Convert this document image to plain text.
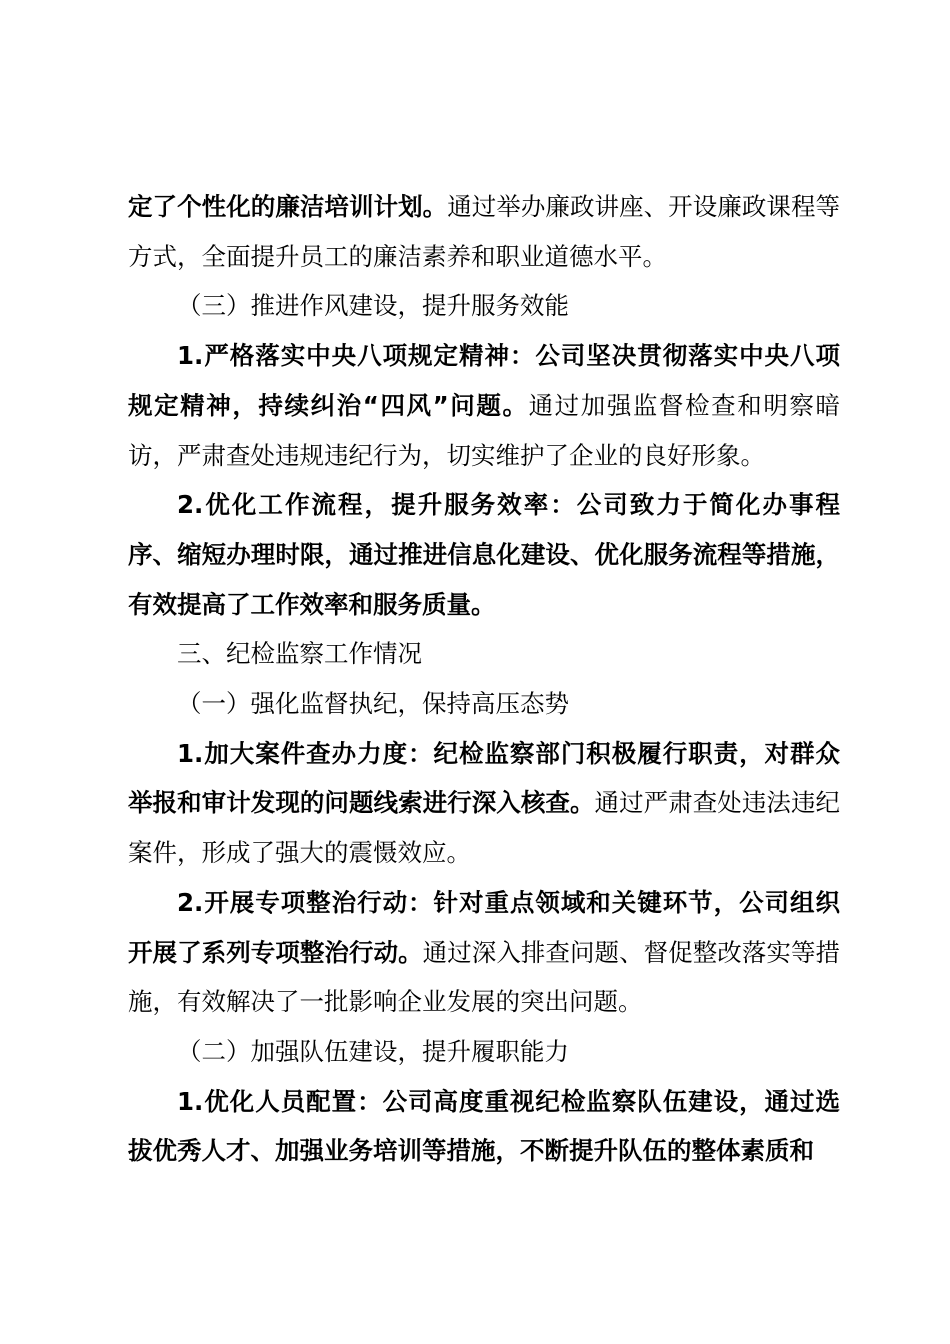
定了个性化的廉洁培训计划。通过举办廉政讲座、开设廉政课程等方式，全面提升员工的廉洁素养和职业道德水平。

（三）推进作风建设，提升服务效能

1.严格落实中央八项规定精神：公司坚决贯彻落实中央八项规定精神，持续纠治“四风”问题。通过加强监督检查和明察暗访，严肃查处违规违纪行为，切实维护了企业的良好形象。

2.优化工作流程，提升服务效率：公司致力于简化办事程序、缩短办理时限，通过推进信息化建设、优化服务流程等措施，有效提高了工作效率和服务质量。

三、纪检监察工作情况

（一）强化监督执纪，保持高压态势

1.加大案件查办力度：纪检监察部门积极履行职责，对群众举报和审计发现的问题线索进行深入核查。通过严肃查处违法违纪案件，形成了强大的震慑效应。

2.开展专项整治行动：针对重点领域和关键环节，公司组织开展了系列专项整治行动。通过深入排查问题、督促整改落实等措施，有效解决了一批影响企业发展的突出问题。

（二）加强队伍建设，提升履职能力

1.优化人员配置：公司高度重视纪检监察队伍建设，通过选拔优秀人才、加强业务培训等措施，不断提升队伍的整体素质和
